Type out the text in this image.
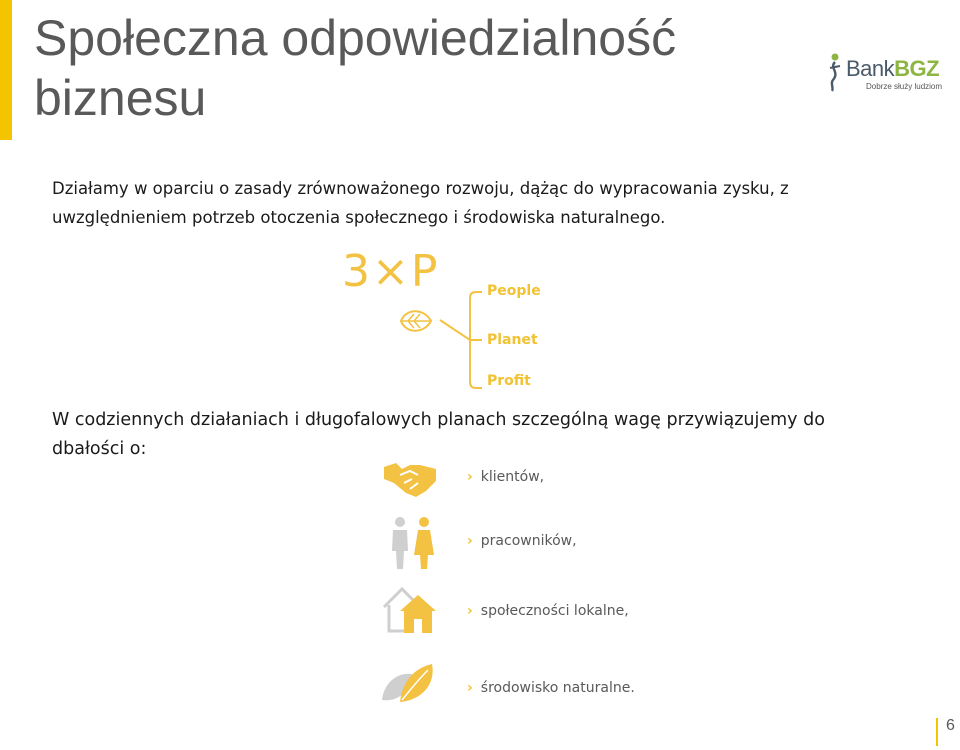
Społeczna odpowiedzialność
biznesu
BankBGZ
Dobrze służy ludziom
Działamy w oparciu o zasady zrównoważonego rozwoju, dążąc do wypracowania zysku, z
uwzględnieniem potrzeb otoczenia społecznego i środowiska naturalnego.
3×P	People
Planet
Profit
W codziennych działaniach i długofalowych planach szczególną wagę przywiązujemy do
dbałości o:
› klientów,
› pracowników,
› społeczności lokalne,
› środowisko naturalne.
6
